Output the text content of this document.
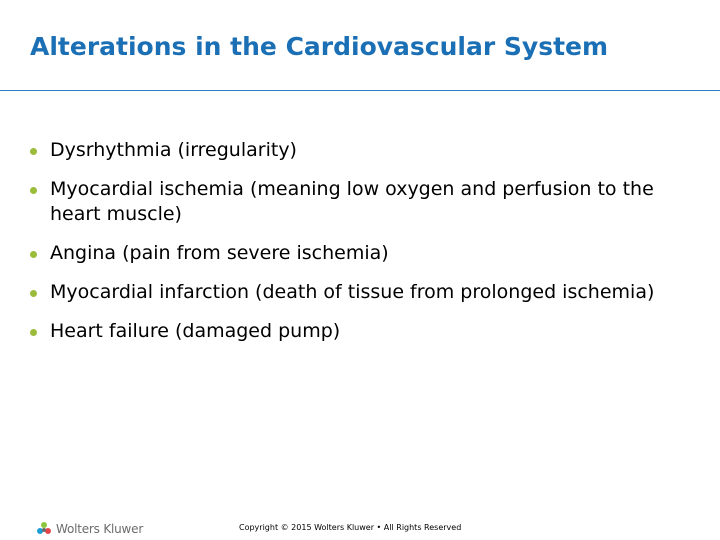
Alterations in the Cardiovascular System
Dysrhythmia (irregularity)
Myocardial ischemia (meaning low oxygen and perfusion to the heart muscle)
Angina (pain from severe ischemia)
Myocardial infarction (death of tissue from prolonged ischemia)
Heart failure (damaged pump)
Wolters Kluwer	Copyright © 2015 Wolters Kluwer • All Rights Reserved
